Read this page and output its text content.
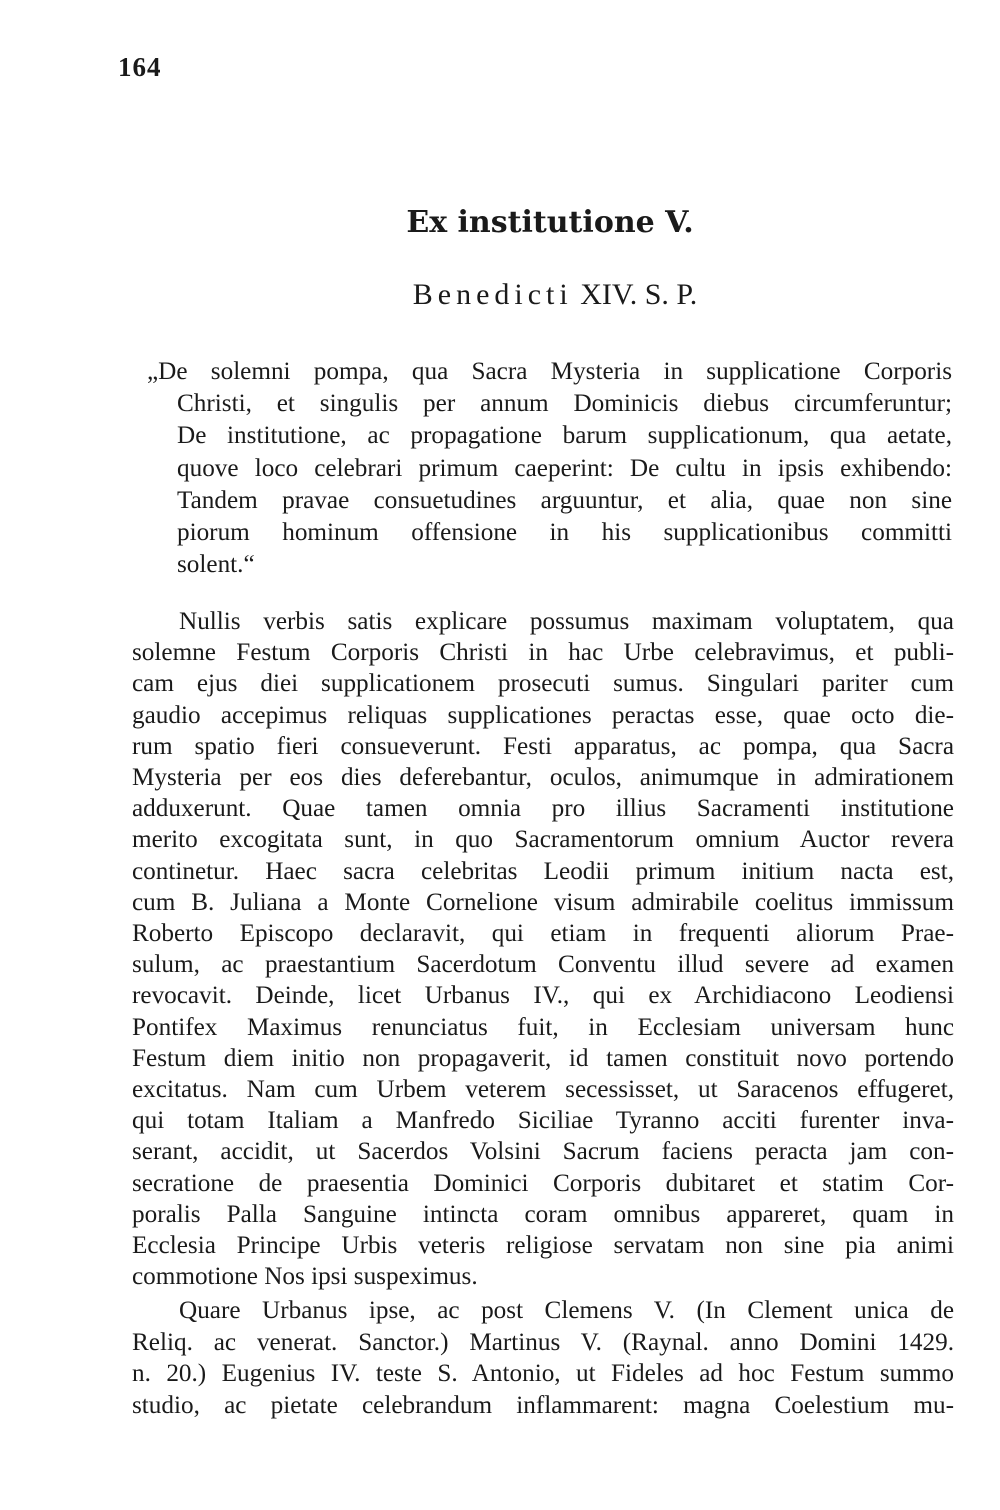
164
Ex institutione V.
Benedicti XIV. S. P.
„De solemni pompa, qua Sacra Mysteria in supplicatione Corporis
Christi, et singulis per annum Dominicis diebus circumferuntur;
De institutione, ac propagatione barum supplicationum, qua aetate,
quove loco celebrari primum caeperint: De cultu in ipsis exhibendo:
Tandem pravae consuetudines arguuntur, et alia, quae non sine
piorum hominum offensione in his supplicationibus committi
solent.“
Nullis verbis satis explicare possumus maximam voluptatem, qua
solemne Festum Corporis Christi in hac Urbe celebravimus, et publi-
cam ejus diei supplicationem prosecuti sumus. Singulari pariter cum
gaudio accepimus reliquas supplicationes peractas esse, quae octo die-
rum spatio fieri consueverunt. Festi apparatus, ac pompa, qua Sacra
Mysteria per eos dies deferebantur, oculos, animumque in admirationem
adduxerunt. Quae tamen omnia pro illius Sacramenti institutione
merito excogitata sunt, in quo Sacramentorum omnium Auctor revera
continetur. Haec sacra celebritas Leodii primum initium nacta est,
cum B. Juliana a Monte Cornelione visum admirabile coelitus immissum
Roberto Episcopo declaravit, qui etiam in frequenti aliorum Prae-
sulum, ac praestantium Sacerdotum Conventu illud severe ad examen
revocavit. Deinde, licet Urbanus IV., qui ex Archidiacono Leodiensi
Pontifex Maximus renunciatus fuit, in Ecclesiam universam hunc
Festum diem initio non propagaverit, id tamen constituit novo portendo
excitatus. Nam cum Urbem veterem secessisset, ut Saracenos effugeret,
qui totam Italiam a Manfredo Siciliae Tyranno acciti furenter inva-
serant, accidit, ut Sacerdos Volsini Sacrum faciens peracta jam con-
secratione de praesentia Dominici Corporis dubitaret et statim Cor-
poralis Palla Sanguine intincta coram omnibus appareret, quam in
Ecclesia Principe Urbis veteris religiose servatam non sine pia animi
commotione Nos ipsi suspeximus.
Quare Urbanus ipse, ac post Clemens V. (In Clement unica de
Reliq. ac venerat. Sanctor.) Martinus V. (Raynal. anno Domini 1429.
n. 20.) Eugenius IV. teste S. Antonio, ut Fideles ad hoc Festum summo
studio, ac pietate celebrandum inflammarent: magna Coelestium mu-
